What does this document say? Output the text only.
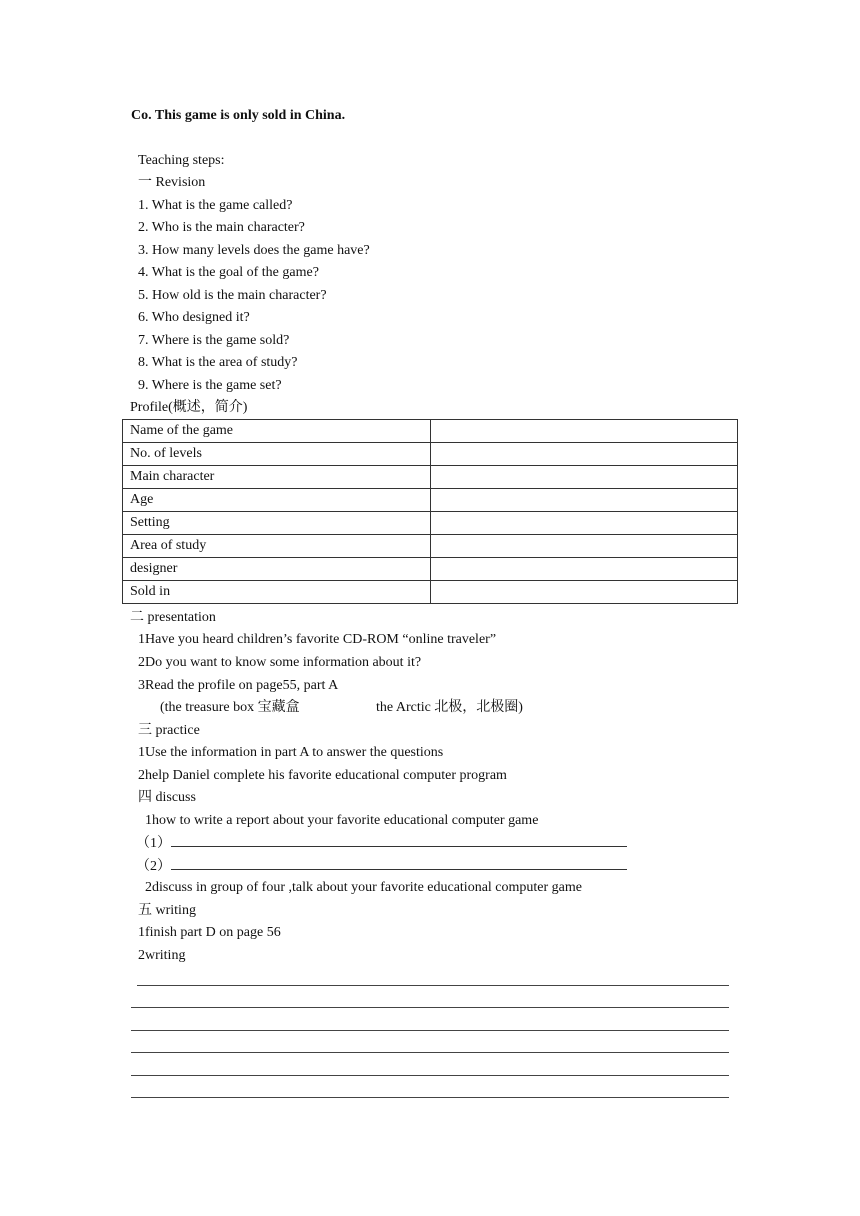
Co. This game is only sold in China.
Teaching steps:
一 Revision
1. What is the game called?
2. Who is the main character?
3. How many levels does the game have?
4. What is the goal of the game?
5. How old is the main character?
6. Who designed it?
7. Where is the game sold?
8. What is the area of study?
9. Where is the game set?
Profile(概述，简介)
Name of the game	
No. of levels	
Main character	
Age	
Setting	
Area of study	
designer	
Sold in	
二 presentation
1Have you heard children’s favorite CD-ROM “online traveler”
2Do you want to know some information about it?
3Read the profile on page55, part A
(the treasure box 宝藏盒	the Arctic 北极，北极圈)
三 practice
1Use the information in part A to answer the questions
2help Daniel complete his favorite educational computer program
四 discuss
1how to write a report about your favorite educational computer game
（1）
（2）
2discuss in group of four ,talk about your favorite educational computer game
五 writing
1finish part D on page 56
2writing
